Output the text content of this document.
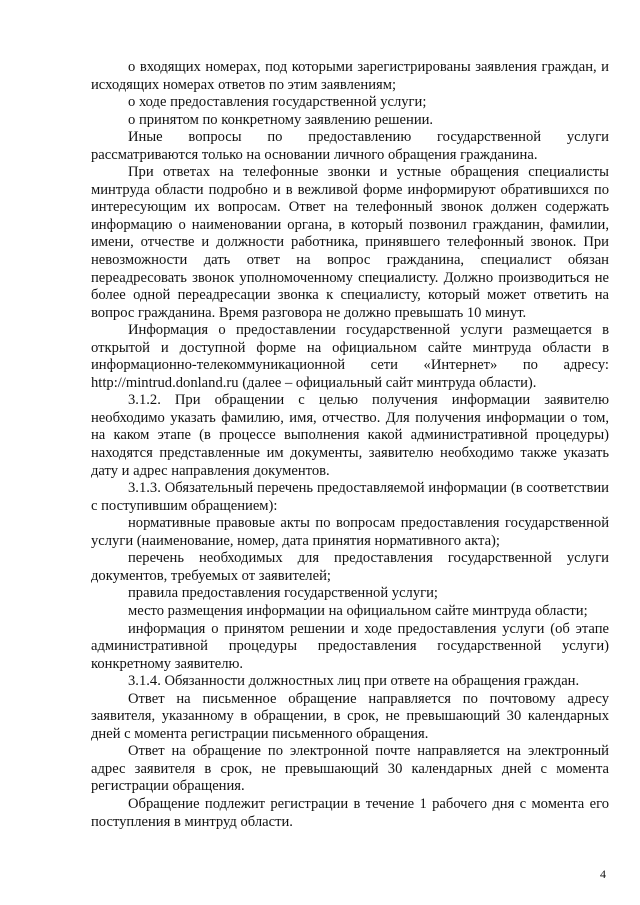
о входящих номерах, под которыми зарегистрированы заявления граждан, и исходящих номерах ответов по этим заявлениям;

о ходе предоставления государственной услуги;

о принятом по конкретному заявлению решении.

Иные вопросы по предоставлению государственной услуги рассматриваются только на основании личного обращения гражданина.

При ответах на телефонные звонки и устные обращения специалисты минтруда области подробно и в вежливой форме информируют обратившихся по интересующим их вопросам. Ответ на телефонный звонок должен содержать информацию о наименовании органа, в который позвонил гражданин, фамилии, имени, отчестве и должности работника, принявшего телефонный звонок. При невозможности дать ответ на вопрос гражданина, специалист обязан переадресовать звонок уполномоченному специалисту. Должно производиться не более одной переадресации звонка к специалисту, который может ответить на вопрос гражданина. Время разговора не должно превышать 10 минут.

Информация о предоставлении государственной услуги размещается в открытой и доступной форме на официальном сайте минтруда области в информационно-телекоммуникационной сети «Интернет» по адресу: http://mintrud.donland.ru (далее – официальный сайт минтруда области).

3.1.2. При обращении с целью получения информации заявителю необходимо указать фамилию, имя, отчество. Для получения информации о том, на каком этапе (в процессе выполнения какой административной процедуры) находятся представленные им документы, заявителю необходимо также указать дату и адрес направления документов.

3.1.3. Обязательный перечень предоставляемой информации (в соответствии с поступившим обращением):

нормативные правовые акты по вопросам предоставления государственной услуги (наименование, номер, дата принятия нормативного акта);

перечень необходимых для предоставления государственной услуги документов, требуемых от заявителей;

правила предоставления государственной услуги;

место размещения информации на официальном сайте минтруда области;

информация о принятом решении и ходе предоставления услуги (об этапе административной процедуры предоставления государственной услуги) конкретному заявителю.

3.1.4. Обязанности должностных лиц при ответе на обращения граждан.

Ответ на письменное обращение направляется по почтовому адресу заявителя, указанному в обращении, в срок, не превышающий 30 календарных дней с момента регистрации письменного обращения.

Ответ на обращение по электронной почте направляется на электронный адрес заявителя в срок, не превышающий 30 календарных дней с момента регистрации обращения.

Обращение подлежит регистрации в течение 1 рабочего дня с момента его поступления в минтруд области.

4
